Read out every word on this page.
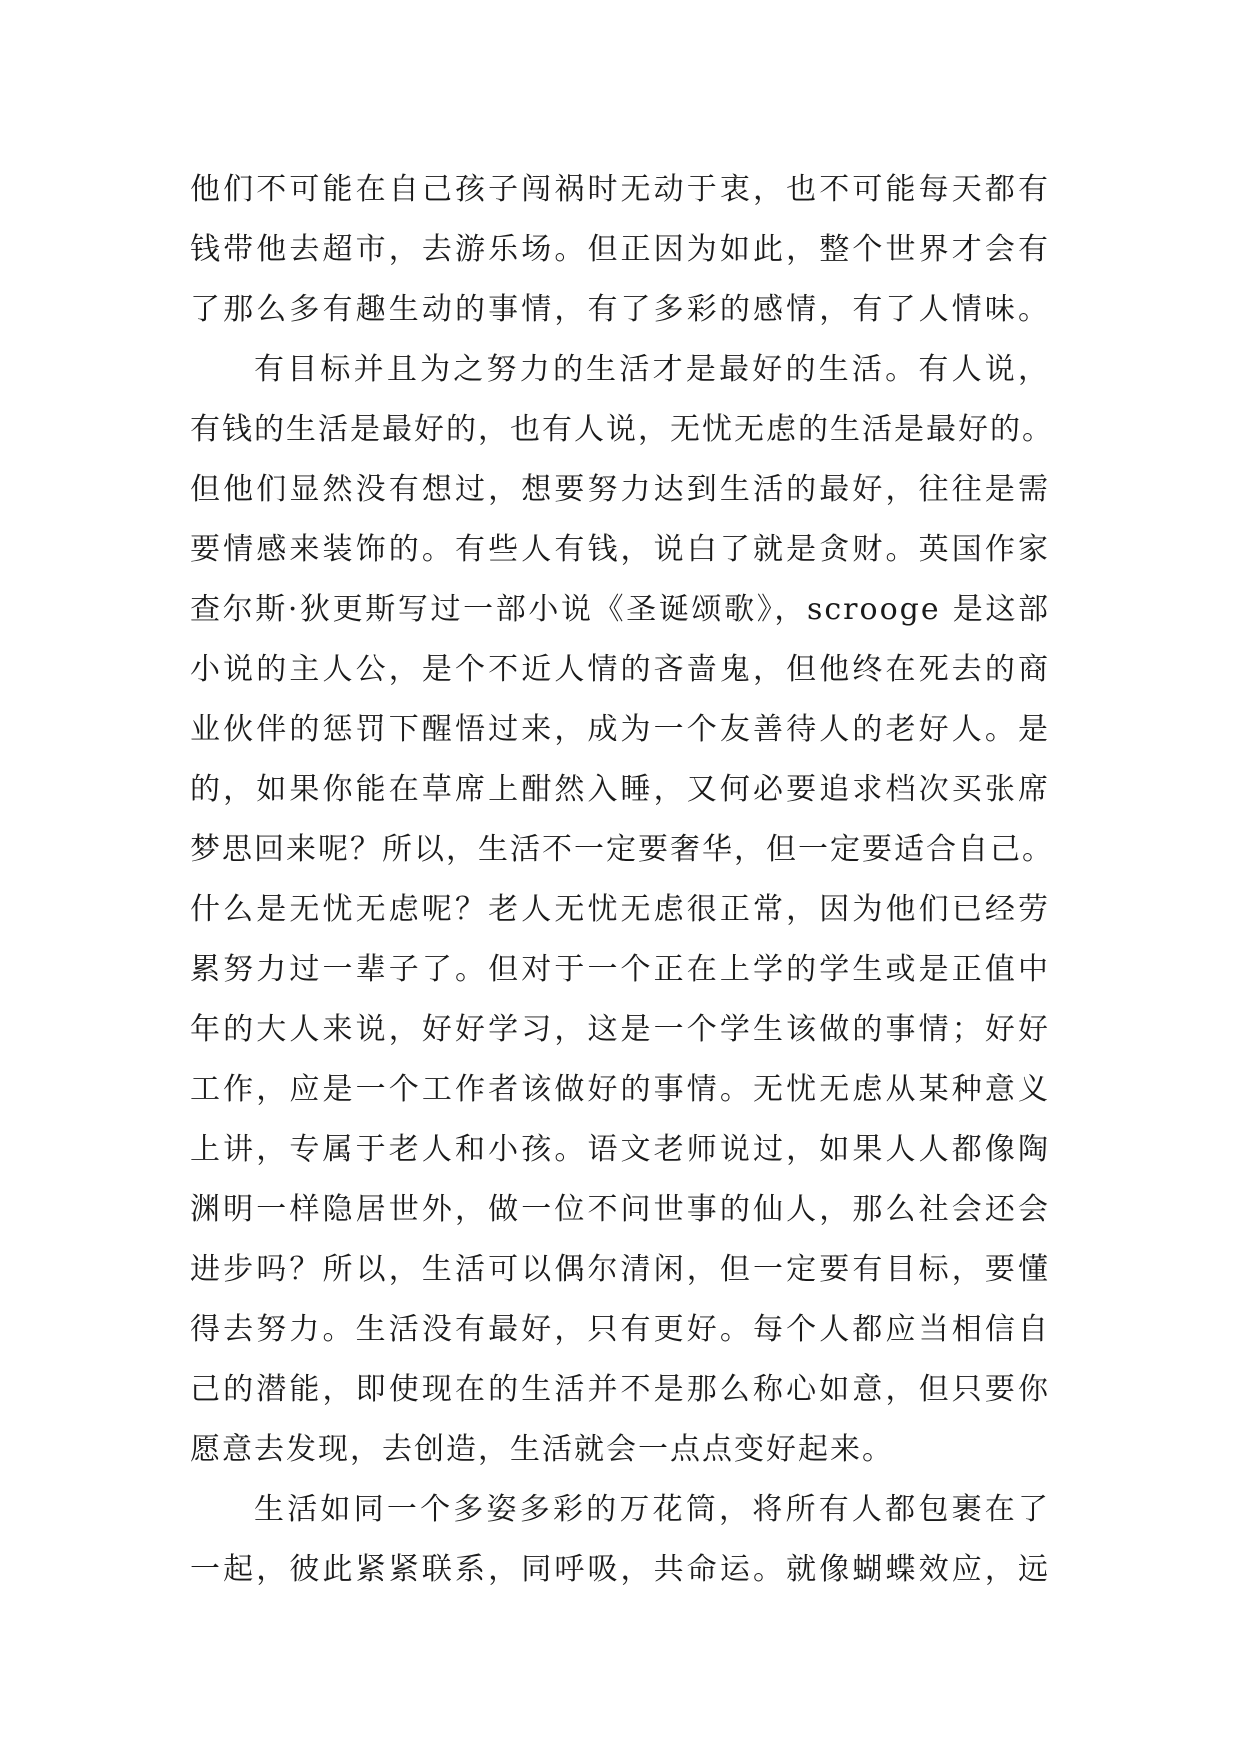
他们不可能在自己孩子闯祸时无动于衷，也不可能每天都有
钱带他去超市，去游乐场。但正因为如此，整个世界才会有
了那么多有趣生动的事情，有了多彩的感情，有了人情味。
有目标并且为之努力的生活才是最好的生活。有人说，
有钱的生活是最好的，也有人说，无忧无虑的生活是最好的。
但他们显然没有想过，想要努力达到生活的最好，往往是需
要情感来装饰的。有些人有钱，说白了就是贪财。英国作家
查尔斯·狄更斯写过一部小说《圣诞颂歌》，scrooge 是这部
小说的主人公，是个不近人情的吝啬鬼，但他终在死去的商
业伙伴的惩罚下醒悟过来，成为一个友善待人的老好人。是
的，如果你能在草席上酣然入睡，又何必要追求档次买张席
梦思回来呢？所以，生活不一定要奢华，但一定要适合自己。
什么是无忧无虑呢？老人无忧无虑很正常，因为他们已经劳
累努力过一辈子了。但对于一个正在上学的学生或是正值中
年的大人来说，好好学习，这是一个学生该做的事情；好好
工作，应是一个工作者该做好的事情。无忧无虑从某种意义
上讲，专属于老人和小孩。语文老师说过，如果人人都像陶
渊明一样隐居世外，做一位不问世事的仙人，那么社会还会
进步吗？所以，生活可以偶尔清闲，但一定要有目标，要懂
得去努力。生活没有最好，只有更好。每个人都应当相信自
己的潜能，即使现在的生活并不是那么称心如意，但只要你
愿意去发现，去创造，生活就会一点点变好起来。
生活如同一个多姿多彩的万花筒，将所有人都包裹在了
一起，彼此紧紧联系，同呼吸，共命运。就像蝴蝶效应，远
